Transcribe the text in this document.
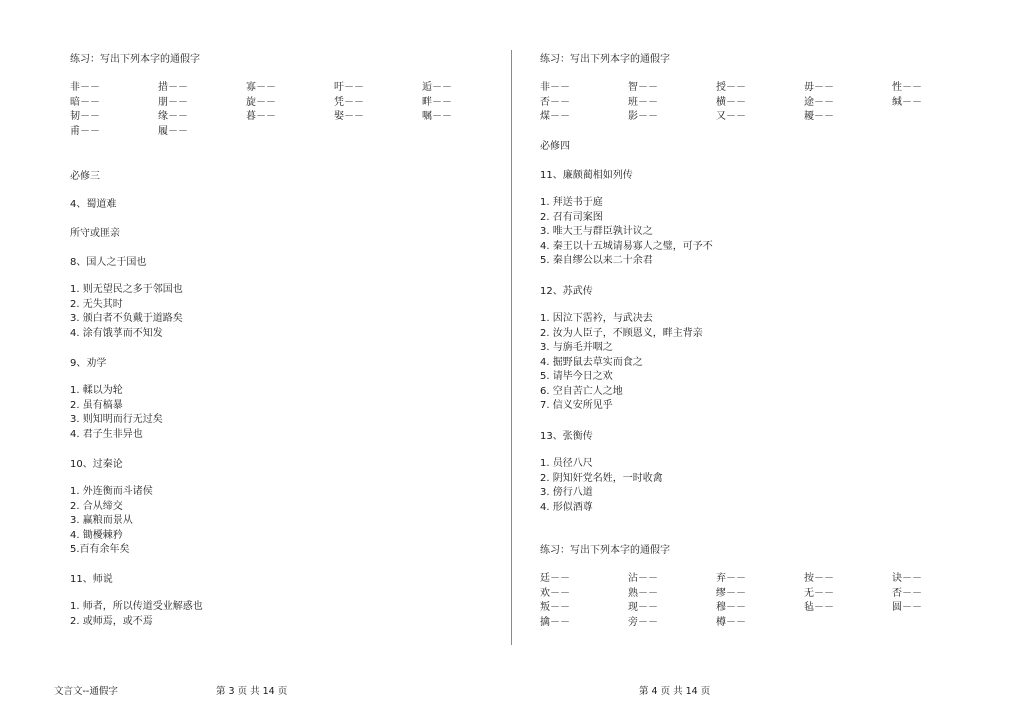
练习：写出下列本字的通假字
非－－	措－－	寡－－	吁－－	逅－－
暗－－	朋－－	旋－－	凭－－	畔－－
韧－－	缘－－	暮－－	娶－－	嘱－－
甫－－	履－－
必修三
4、蜀道难
所守或匪亲
8、国人之于国也
1. 则无望民之多于邻国也
2. 无失其时
3. 颁白者不负戴于道路矣
4. 涂有饿莩而不知发
9、劝学
1. 輮以为轮
2. 虽有槁暴
3. 则知明而行无过矣
4. 君子生非异也
10、过秦论
1. 外连衡而斗诸侯
2. 合从缔交
3. 赢粮而景从
4. 锄櫌棘矜
5.百有余年矣
11、师说
1. 师者，所以传道受业解惑也
2. 或师焉，或不焉
练习：写出下列本字的通假字
非－－	智－－	授－－	毋－－	性－－
否－－	班－－	横－－	途－－	缄－－
煤－－	影－－	又－－	耰－－
必修四
11、廉颇蔺相如列传
1. 拜送书于庭
2. 召有司案图
3. 唯大王与群臣孰计议之
4. 秦王以十五城请易寡人之璧，可予不
5. 秦自缪公以来二十余君
12、苏武传
1. 因泣下霑衿，与武决去
2. 汝为人臣子，不顾恩义，畔主背亲
3. 与旃毛并咽之
4. 掘野鼠去草实而食之
5. 请毕今日之欢
6. 空自苦亡人之地
7. 信义安所见乎
13、张衡传
1. 员径八尺
2. 阴知奸党名姓，一时收禽
3. 傍行八道
4. 形似酒尊
练习：写出下列本字的通假字
廷－－	沾－－	弃－－	按－－	诀－－
欢－－	熟－－	缪－－	无－－	否－－
叛－－	现－－	穆－－	毡－－	圆－－
擒－－	旁－－	樽－－
文言文--通假字	第 3 页 共 14 页	第 4 页 共 14 页
